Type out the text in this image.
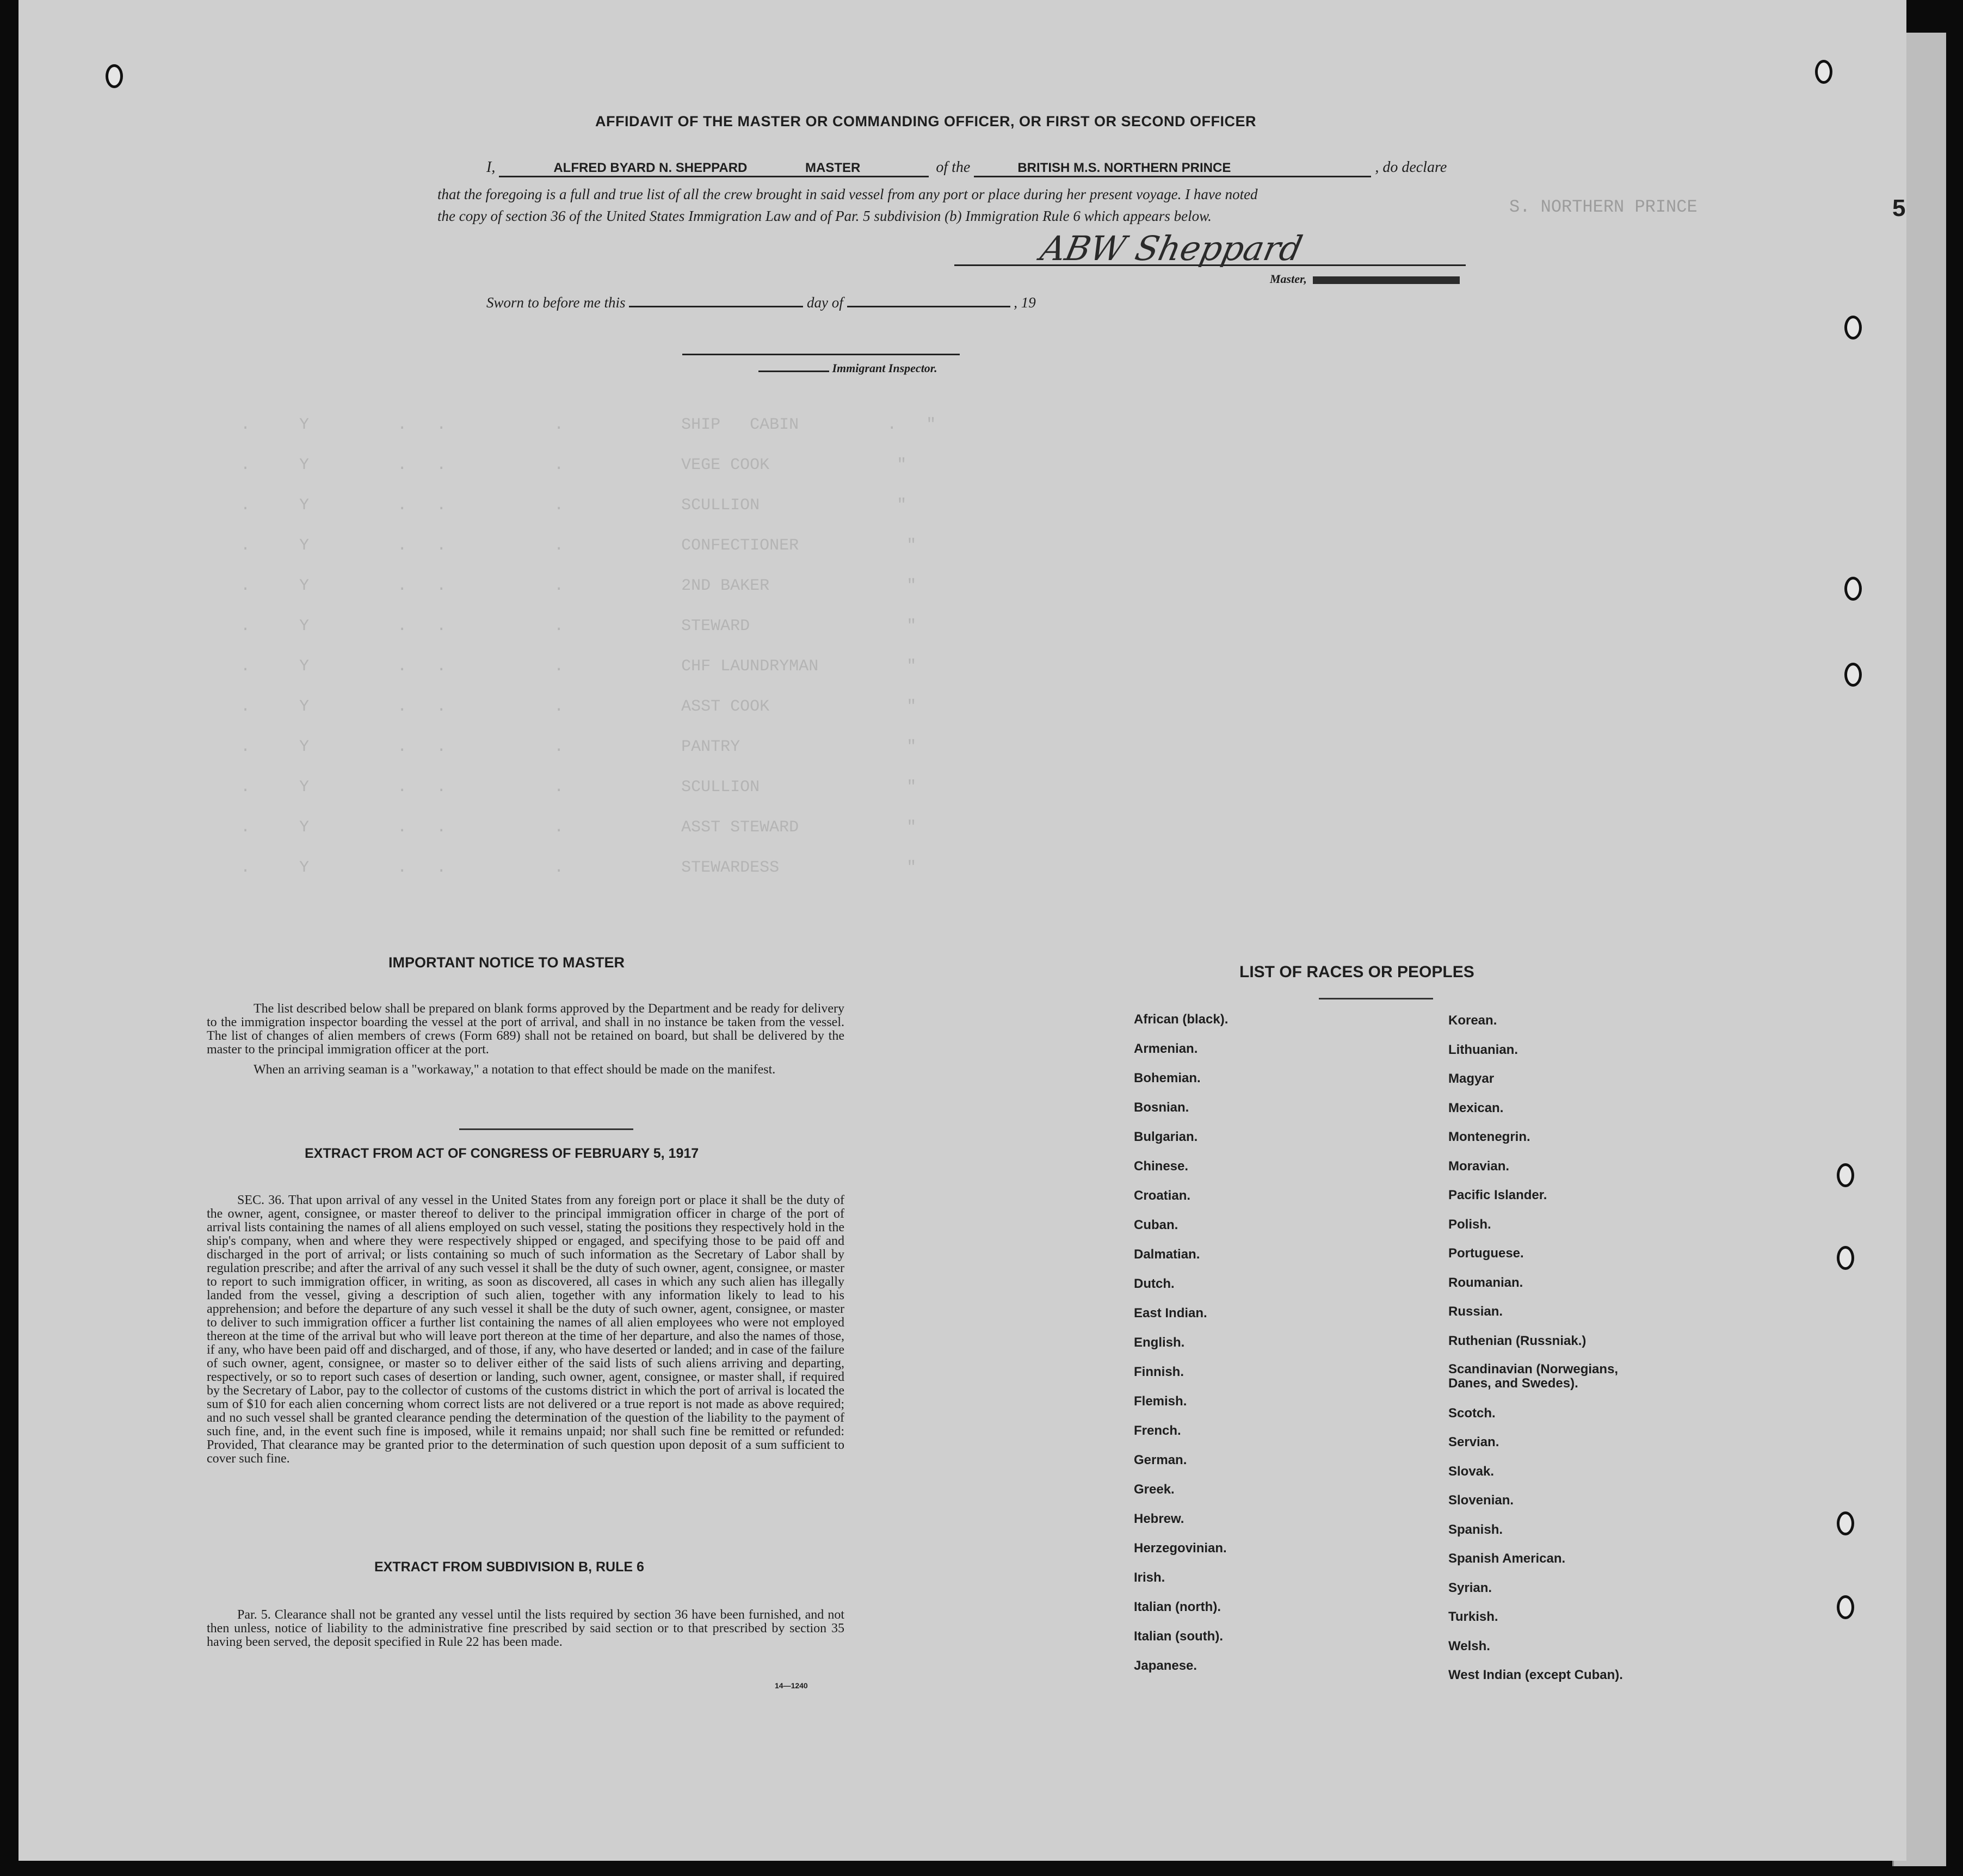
.     Y         .   .           .            SHIP   CABIN         .   "
.     Y         .   .           .            VEGE COOK             "
.     Y         .   .           .            SCULLION              "
.     Y         .   .           .            CONFECTIONER           "
.     Y         .   .           .            2ND BAKER              "
.     Y         .   .           .            STEWARD                "
.     Y         .   .           .            CHF LAUNDRYMAN         "
.     Y         .   .           .            ASST COOK              "
.     Y         .   .           .            PANTRY                 "
.     Y         .   .           .            SCULLION               "
.     Y         .   .           .            ASST STEWARD           "
.     Y         .   .           .            STEWARDESS             "

S. NORTHERN PRINCE
AFFIDAVIT OF THE MASTER OR COMMANDING OFFICER, OR FIRST OR SECOND OFFICER
I,	ALFRED BYARD N. SHEPPARD	MASTER	of the	BRITISH M.S. NORTHERN PRINCE	, do declare
that the foregoing is a full and true list of all the crew brought in said vessel from any port or place during her present voyage. I have noted
the copy of section 36 of the United States Immigration Law and of Par. 5 subdivision (b) Immigration Rule 6 which appears below.
ABW Sheppard
Master,
Sworn to before me this	day of	, 19
Immigrant Inspector.
IMPORTANT NOTICE TO MASTER

The list described below shall be prepared on blank forms approved by the Department and be ready for delivery to the immigration inspector boarding the vessel at the port of arrival, and shall in no instance be taken from the vessel. The list of changes of alien members of crews (Form 689) shall not be retained on board, but shall be delivered by the master to the principal immigration officer at the port.

When an arriving seaman is a "workaway," a notation to that effect should be made on the manifest.

EXTRACT FROM ACT OF CONGRESS OF FEBRUARY 5, 1917

SEC. 36. That upon arrival of any vessel in the United States from any foreign port or place it shall be the duty of the owner, agent, consignee, or master thereof to deliver to the principal immigration officer in charge of the port of arrival lists containing the names of all aliens employed on such vessel, stating the positions they respectively hold in the ship's company, when and where they were respectively shipped or engaged, and specifying those to be paid off and discharged in the port of arrival; or lists containing so much of such information as the Secretary of Labor shall by regulation prescribe; and after the arrival of any such vessel it shall be the duty of such owner, agent, consignee, or master to report to such immigration officer, in writing, as soon as discovered, all cases in which any such alien has illegally landed from the vessel, giving a description of such alien, together with any information likely to lead to his apprehension; and before the departure of any such vessel it shall be the duty of such owner, agent, consignee, or master to deliver to such immigration officer a further list containing the names of all alien employees who were not employed thereon at the time of the arrival but who will leave port thereon at the time of her departure, and also the names of those, if any, who have been paid off and discharged, and of those, if any, who have deserted or landed; and in case of the failure of such owner, agent, consignee, or master so to deliver either of the said lists of such aliens arriving and departing, respectively, or so to report such cases of desertion or landing, such owner, agent, consignee, or master shall, if required by the Secretary of Labor, pay to the collector of customs of the customs district in which the port of arrival is located the sum of $10 for each alien concerning whom correct lists are not delivered or a true report is not made as above required; and no such vessel shall be granted clearance pending the determination of the question of the liability to the payment of such fine, and, in the event such fine is imposed, while it remains unpaid; nor shall such fine be remitted or refunded: Provided, That clearance may be granted prior to the determination of such question upon deposit of a sum sufficient to cover such fine.

EXTRACT FROM SUBDIVISION B, RULE 6

Par. 5. Clearance shall not be granted any vessel until the lists required by section 36 have been furnished, and not then unless, notice of liability to the administrative fine prescribed by said section or to that prescribed by section 35 having been served, the deposit specified in Rule 22 has been made.

14—1240
LIST OF RACES OR PEOPLES
5
African (black).
Armenian.
Bohemian.
Bosnian.
Bulgarian.
Chinese.
Croatian.
Cuban.
Dalmatian.
Dutch.
East Indian.
English.
Finnish.
Flemish.
French.
German.
Greek.
Hebrew.
Herzegovinian.
Irish.
Italian (north).
Italian (south).
Japanese.
Korean.
Lithuanian.
Magyar
Mexican.
Montenegrin.
Moravian.
Pacific Islander.
Polish.
Portuguese.
Roumanian.
Russian.
Ruthenian (Russniak.)
Scandinavian (Norwegians, Danes, and Swedes).
Scotch.
Servian.
Slovak.
Slovenian.
Spanish.
Spanish American.
Syrian.
Turkish.
Welsh.
West Indian (except Cuban).
